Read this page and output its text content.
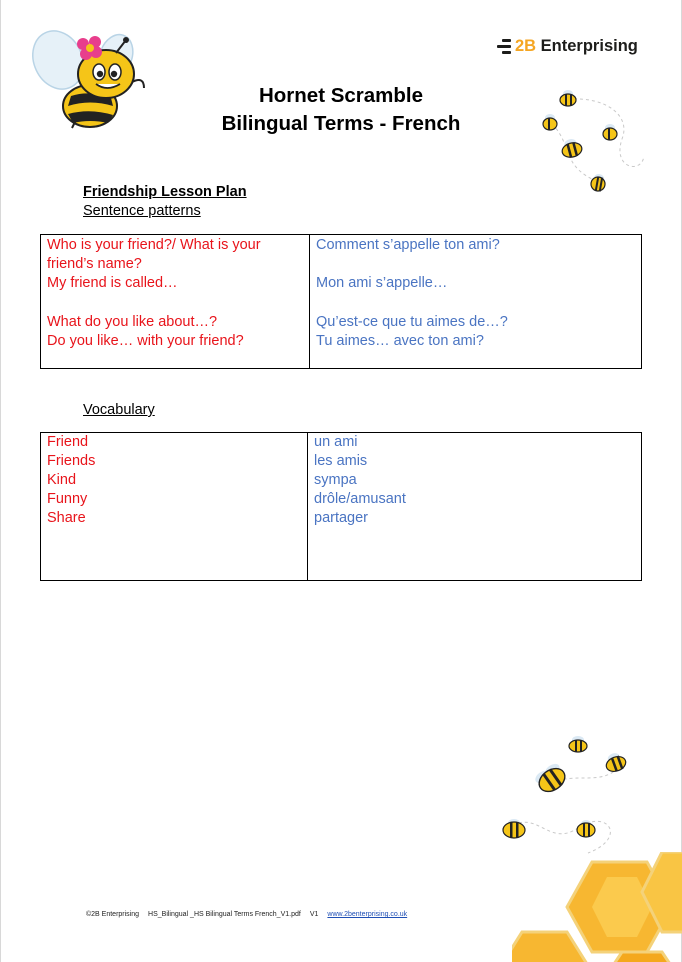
2B Enterprising
Hornet Scramble
Bilingual Terms - French
Friendship Lesson Plan
Sentence patterns
Who is your friend?/ What is your
friend’s name?
My friend is called…
What do you like about…?
Do you like… with your friend?
Comment s’appelle ton ami?
Mon ami s’appelle…
Qu’est-ce que tu aimes de…?
Tu aimes… avec ton ami?
Vocabulary
Friend
Friends
Kind
Funny
Share
un ami
les amis
sympa
drôle/amusant
partager
©2B Enterprising HS_Bilingual _HS Bilingual Terms French_V1.pdf V1 www.2benterprising.co.uk
